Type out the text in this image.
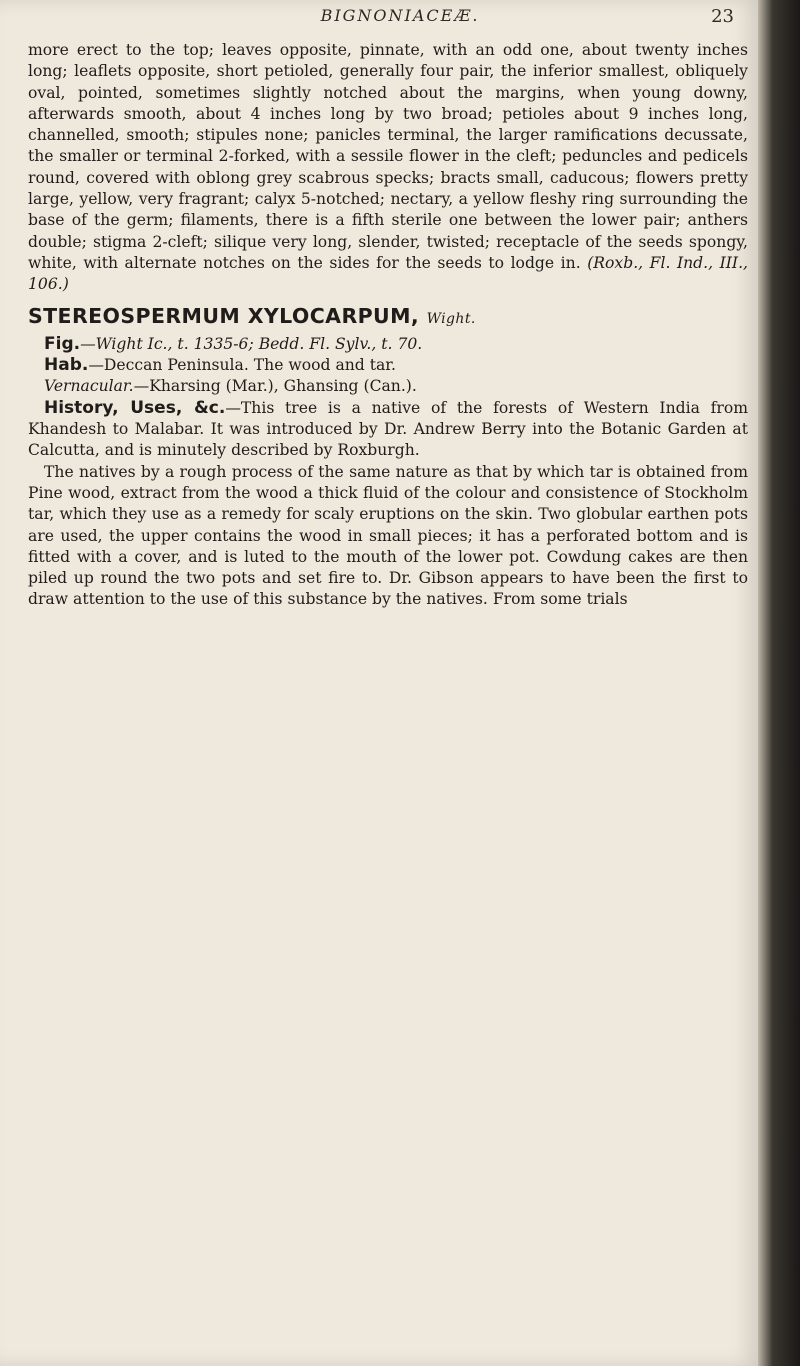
BIGNONIACEÆ.	23

more erect to the top; leaves opposite, pinnate, with an odd one, about twenty inches long; leaflets opposite, short petioled, generally four pair, the inferior smallest, obliquely oval, pointed, sometimes slightly notched about the margins, when young downy, afterwards smooth, about 4 inches long by two broad; petioles about 9 inches long, channelled, smooth; stipules none; panicles terminal, the larger ramifications decussate, the smaller or terminal 2-forked, with a sessile flower in the cleft; peduncles and pedicels round, covered with oblong grey scabrous specks; bracts small, caducous; flowers pretty large, yellow, very fragrant; calyx 5-notched; nectary, a yellow fleshy ring surrounding the base of the germ; filaments, there is a fifth sterile one between the lower pair; anthers double; stigma 2-cleft; silique very long, slender, twisted; receptacle of the seeds spongy, white, with alternate notches on the sides for the seeds to lodge in. (Roxb., Fl. Ind., III., 106.)

STEREOSPERMUM XYLOCARPUM, Wight.

Fig.—Wight Ic., t. 1335-6; Bedd. Fl. Sylv., t. 70.

Hab.—Deccan Peninsula. The wood and tar.

Vernacular.—Kharsing (Mar.), Ghansing (Can.).

History, Uses, &c.—This tree is a native of the forests of Western India from Khandesh to Malabar. It was introduced by Dr. Andrew Berry into the Botanic Garden at Calcutta, and is minutely described by Roxburgh.

The natives by a rough process of the same nature as that by which tar is obtained from Pine wood, extract from the wood a thick fluid of the colour and consistence of Stockholm tar, which they use as a remedy for scaly eruptions on the skin. Two globular earthen pots are used, the upper contains the wood in small pieces; it has a perforated bottom and is fitted with a cover, and is luted to the mouth of the lower pot. Cowdung cakes are then piled up round the two pots and set fire to. Dr. Gibson appears to have been the first to draw attention to the use of this substance by the natives. From some trials
